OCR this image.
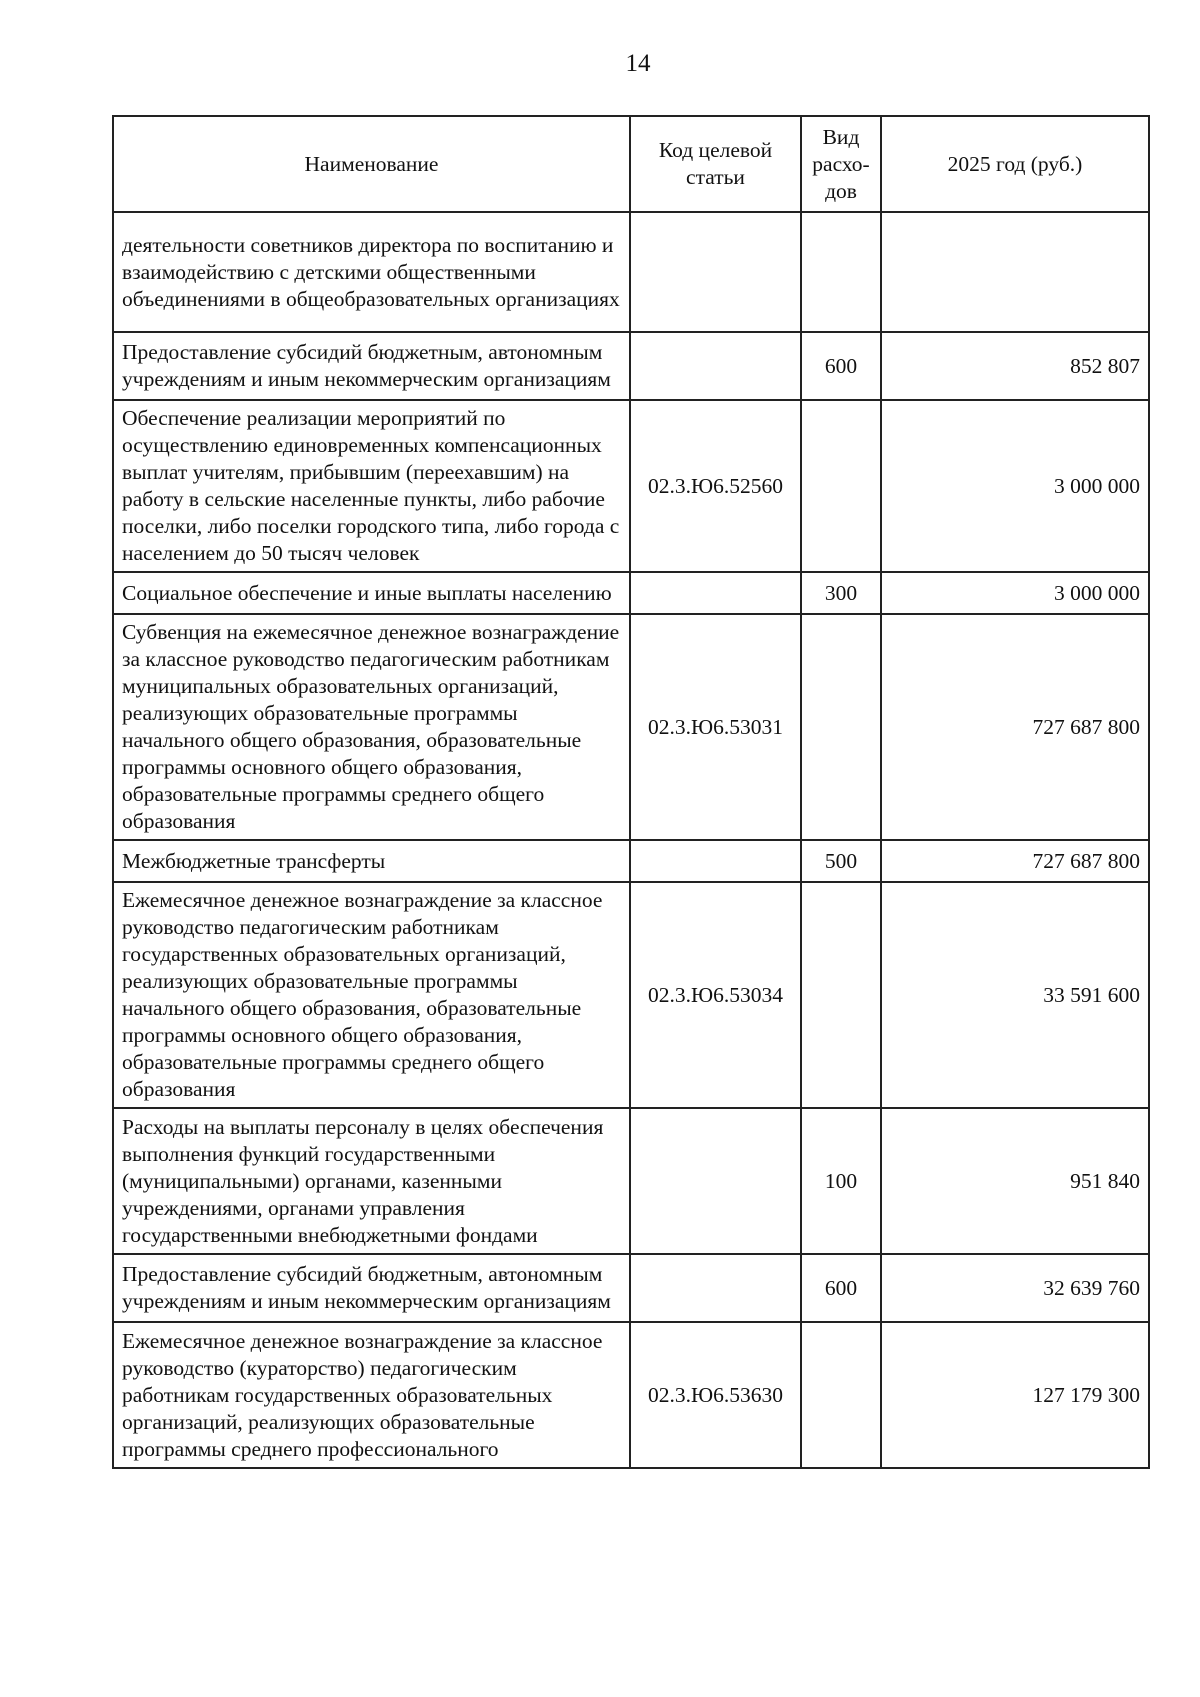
14
Наименование	Код целевой статьи	Вид расхо-дов	2025 год (руб.)
деятельности советников директора по воспитанию и взаимодействию с детскими общественными объединениями в общеобразовательных организациях			
Предоставление субсидий бюджетным, автономным учреждениям и иным некоммерческим организациям		600	852 807
Обеспечение реализации мероприятий по осуществлению единовременных компенсационных выплат учителям, прибывшим (переехавшим) на работу в сельские населенные пункты, либо рабочие поселки, либо поселки городского типа, либо города с населением до 50 тысяч человек	02.3.Ю6.52560		3 000 000
Социальное обеспечение и иные выплаты населению		300	3 000 000
Субвенция на ежемесячное денежное вознаграждение за классное руководство педагогическим работникам муниципальных образовательных организаций, реализующих образовательные программы начального общего образования, образовательные программы основного общего образования, образовательные программы среднего общего образования	02.3.Ю6.53031		727 687 800
Межбюджетные трансферты		500	727 687 800
Ежемесячное денежное вознаграждение за классное руководство педагогическим работникам государственных образовательных организаций, реализующих образовательные программы начального общего образования, образовательные программы основного общего образования, образовательные программы среднего общего образования	02.3.Ю6.53034		33 591 600
Расходы на выплаты персоналу в целях обеспечения выполнения функций государственными (муниципальными) органами, казенными учреждениями, органами управления государственными внебюджетными фондами		100	951 840
Предоставление субсидий бюджетным, автономным учреждениям и иным некоммерческим организациям		600	32 639 760
Ежемесячное денежное вознаграждение за классное руководство (кураторство) педагогическим работникам государственных образовательных организаций, реализующих образовательные программы среднего профессионального	02.3.Ю6.53630		127 179 300
